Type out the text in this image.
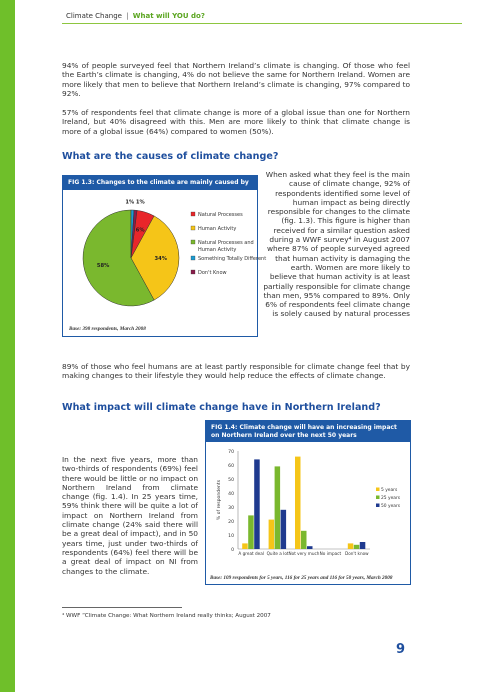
Climate Change | What will YOU do?

94% of people surveyed feel that Northern Ireland’s climate is changing. Of those who feel the Earth’s climate is changing, 4% do not believe the same for Northern Ireland. Women are more likely that men to believe that Northern Ireland’s climate is changing, 97% compared to 92%.

57% of respondents feel that climate change is more of a global issue than one for Northern Ireland, but 40% disagreed with this. Men are more likely to think that climate change is more of a global issue (64%) compared to women (50%).

What are the causes of climate change?
FIG 1.3: Changes to the climate are mainly caused by
6%
34%
58%
1% 1%
Natural Processes
Human Activity
Natural Processes and
Human Activity
Something Totally Different
Don't Know
Base: 398 respondents, March 2008
When asked what they feel is the main cause of climate change, 92% of respondents identified some level of human impact as being directly responsible for changes to the climate (fig. 1.3). This figure is higher than received for a similar question asked during a WWF survey⁴ in August 2007 where 87% of people surveyed agreed that human activity is damaging the earth. Women are more likely to believe that human activity is at least partially responsible for climate change than men, 95% compared to 89%. Only 6% of respondents feel climate change is solely caused by natural processes

89% of those who feel humans are at least partly responsible for climate change feel that by making changes to their lifestyle they would help reduce the effects of climate change.

What impact will climate change have in Northern Ireland?
In the next five years, more than two-thirds of respondents (69%) feel there would be little or no impact on Northern Ireland from climate change (fig. 1.4). In 25 years time, 59% think there will be quite a lot of impact on Northern Ireland from climate change (24% said there will be a great deal of impact), and in 50 years time, just under two-thirds of respondents (64%) feel there will be a great deal of impact on NI from changes to the climate.
FIG 1.4: Climate change will have an increasing impact on Northern Ireland over the next 50 years
0
10
20
30
40
50
60
70
% of respondents
A great deal Quite a lot Not very much No impact Don't know
5 years
25 years
50 years
Base: 109 respondents for 5 years, 116 for 25 years and 116 for 50 years, March 2008
⁴ WWF “Climate Change: What Northern Ireland really thinks; August 2007
9
